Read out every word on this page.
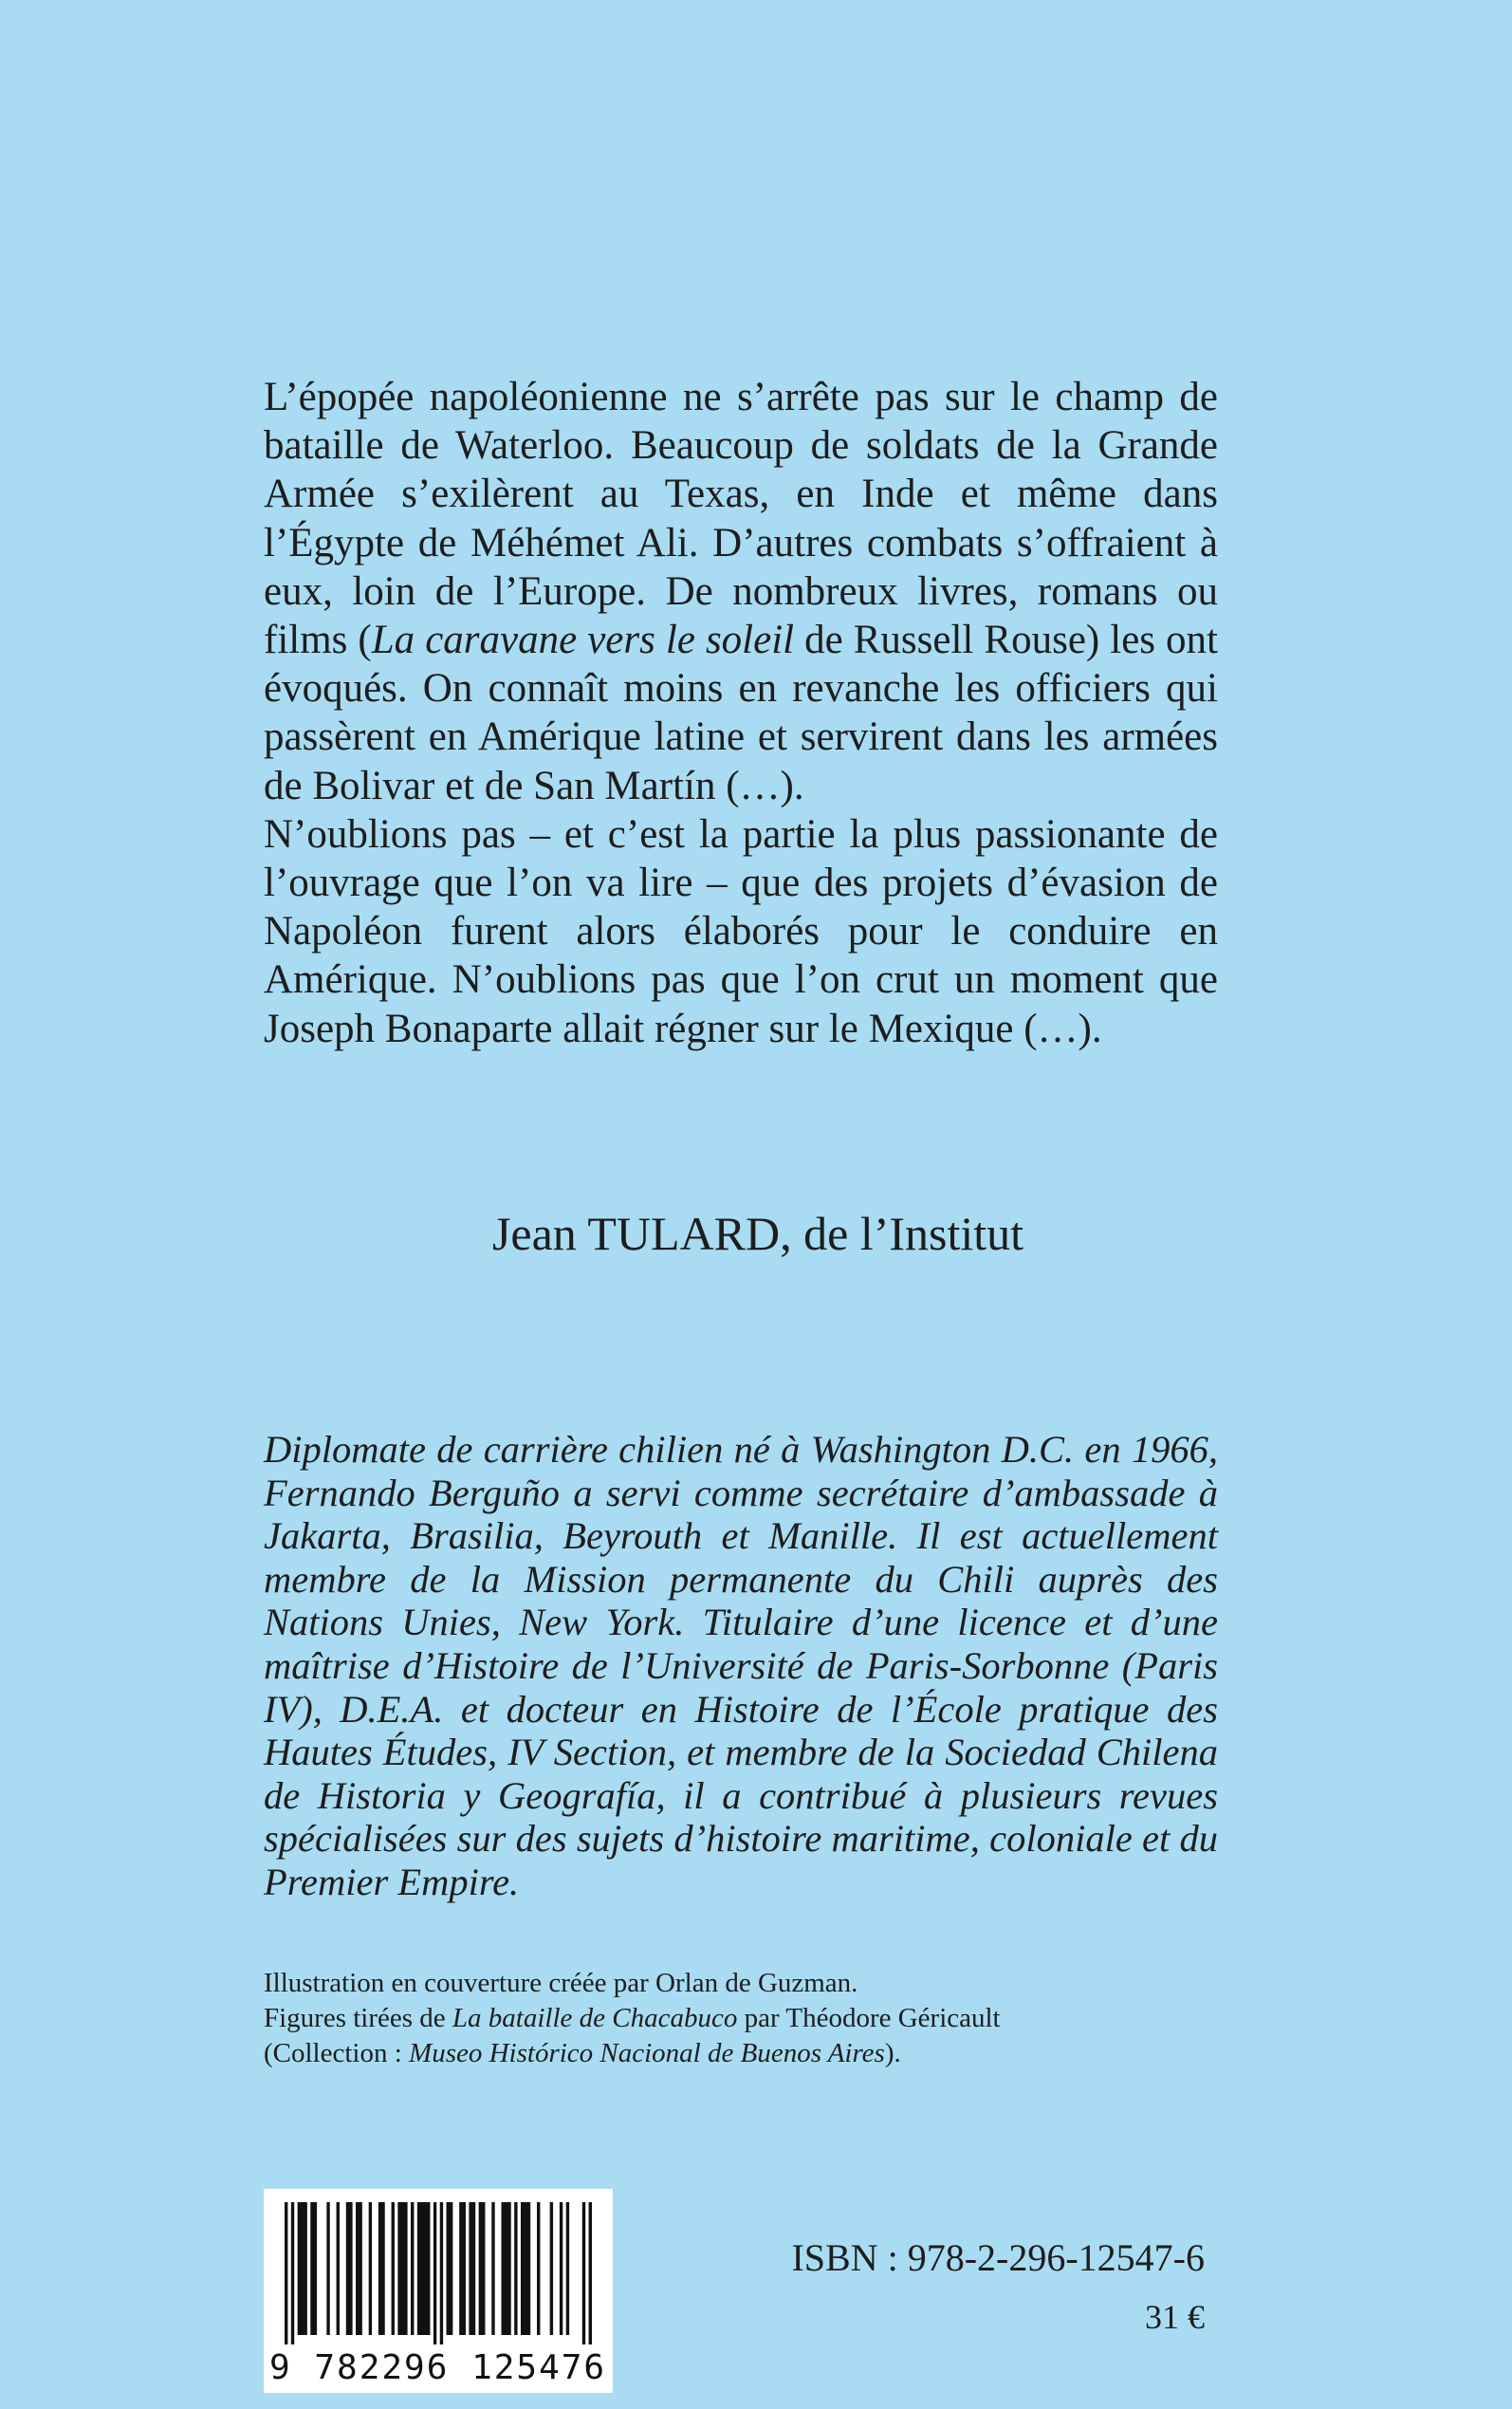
L’épopée napoléonienne ne s’arrête pas sur le champ de bataille de Waterloo. Beaucoup de soldats de la Grande Armée s’exilèrent au Texas, en Inde et même dans l’Égypte de Méhémet Ali. D’autres combats s’offraient à eux, loin de l’Europe. De nombreux livres, romans ou films (La caravane vers le soleil de Russell Rouse) les ont évoqués. On connaît moins en revanche les officiers qui passèrent en Amérique latine et servirent dans les armées de Bolivar et de San Martín (…).

N’oublions pas – et c’est la partie la plus passionante de l’ouvrage que l’on va lire – que des projets d’évasion de Napoléon furent alors élaborés pour le conduire en Amérique. N’oublions pas que l’on crut un moment que Joseph Bonaparte allait régner sur le Mexique (…).

Jean TULARD, de l’Institut

Diplomate de carrière chilien né à Washington D.C. en 1966, Fernando Berguño a servi comme secrétaire d’ambassade à Jakarta, Brasilia, Beyrouth et Manille. Il est actuellement membre de la Mission permanente du Chili auprès des Nations Unies, New York. Titulaire d’une licence et d’une maîtrise d’Histoire de l’Université de Paris-Sorbonne (Paris IV), D.E.A. et docteur en Histoire de l’École pratique des Hautes Études, IV Section, et membre de la Sociedad Chilena de Historia y Geografía, il a contribué à plusieurs revues spécialisées sur des sujets d’histoire maritime, coloniale et du Premier Empire.

Illustration en couverture créée par Orlan de Guzman.
Figures tirées de La bataille de Chacabuco par Théodore Géricault
(Collection : Museo Histórico Nacional de Buenos Aires).
9 782296 125476
ISBN : 978-2-296-12547-6
31 €
